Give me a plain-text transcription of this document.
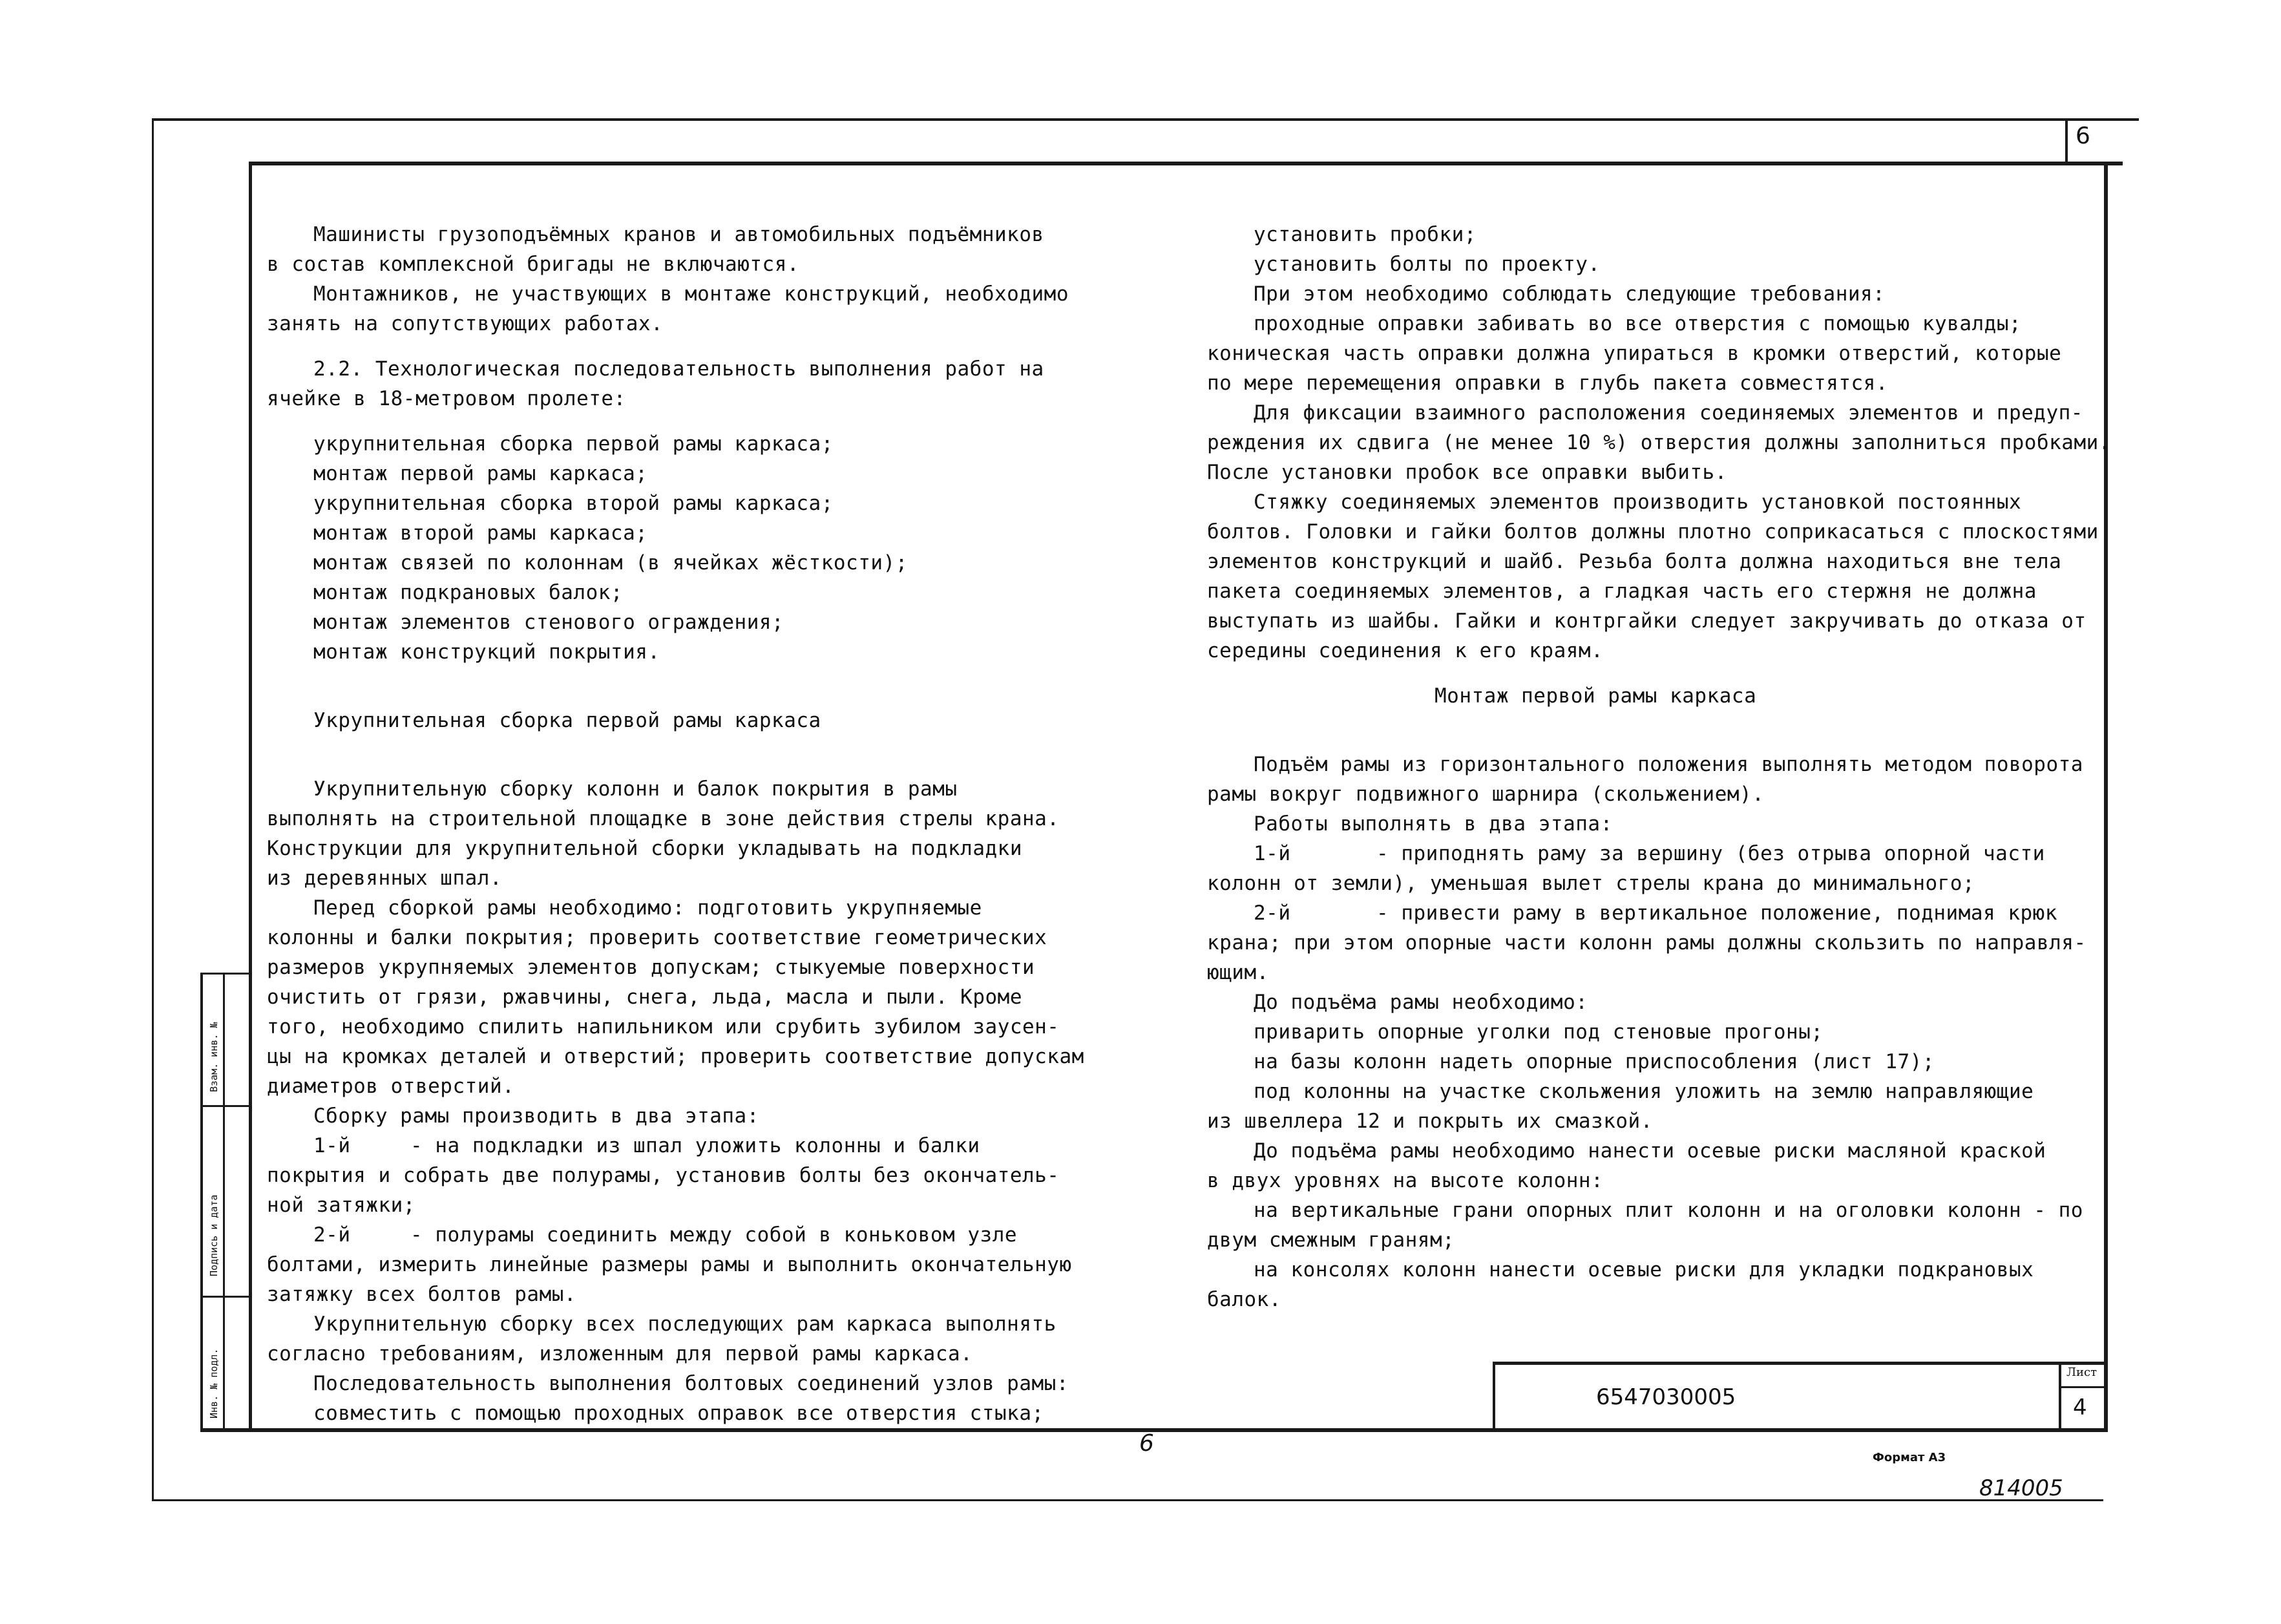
6
Взам. инв. №
Подпись и дата
Инв. № подл.

Машинисты грузоподъёмных кранов и автомобильных подъёмников

в состав комплексной бригады не включаются.

Монтажников, не участвующих в монтаже конструкций, необходимо

занять на сопутствующих работах.

2.2. Технологическая последовательность выполнения работ на

ячейке в 18-метровом пролете:

укрупнительная сборка первой рамы каркаса;

монтаж первой рамы каркаса;

укрупнительная сборка второй рамы каркаса;

монтаж второй рамы каркаса;

монтаж связей по колоннам (в ячейках жёсткости);

монтаж подкрановых балок;

монтаж элементов стенового ограждения;

монтаж конструкций покрытия.

Укрупнительная сборка первой рамы каркаса

Укрупнительную сборку колонн и балок покрытия в рамы

выполнять на строительной площадке в зоне действия стрелы крана.

Конструкции для укрупнительной сборки укладывать на подкладки

из деревянных шпал.

Перед сборкой рамы необходимо: подготовить укрупняемые

колонны и балки покрытия; проверить соответствие геометрических

размеров укрупняемых элементов допускам; стыкуемые поверхности

очистить от грязи, ржавчины, снега, льда, масла и пыли. Кроме

того, необходимо спилить напильником или срубить зубилом заусен-

цы на кромках деталей и отверстий; проверить соответствие допускам

диаметров отверстий.

Сборку рамы производить в два этапа:

1-й	- на подкладки из шпал уложить колонны и балки

покрытия и собрать две полурамы, установив болты без окончатель-

ной затяжки;

2-й	- полурамы соединить между собой в коньковом узле

болтами, измерить линейные размеры рамы и выполнить окончательную

затяжку всех болтов рамы.

Укрупнительную сборку всех последующих рам каркаса выполнять

согласно требованиям, изложенным для первой рамы каркаса.

Последовательность выполнения болтовых соединений узлов рамы:

совместить с помощью проходных оправок все отверстия стыка;

установить пробки;

установить болты по проекту.

При этом необходимо соблюдать следующие требования:

проходные оправки забивать во все отверстия с помощью кувалды;

коническая часть оправки должна упираться в кромки отверстий, которые

по мере перемещения оправки в глубь пакета совместятся.

Для фиксации взаимного расположения соединяемых элементов и предуп-

реждения их сдвига (не менее 10 %) отверстия должны заполниться пробками.

После установки пробок все оправки выбить.

Стяжку соединяемых элементов производить установкой постоянных

болтов. Головки и гайки болтов должны плотно соприкасаться с плоскостями

элементов конструкций и шайб. Резьба болта должна находиться вне тела

пакета соединяемых элементов, а гладкая часть его стержня не должна

выступать из шайбы. Гайки и контргайки следует закручивать до отказа от

середины соединения к его краям.

Монтаж первой рамы каркаса

Подъём рамы из горизонтального положения выполнять методом поворота

рамы вокруг подвижного шарнира (скольжением).

Работы выполнять в два этапа:

1-й	- приподнять раму за вершину (без отрыва опорной части

колонн от земли), уменьшая вылет стрелы крана до минимального;

2-й	- привести раму в вертикальное положение, поднимая крюк

крана; при этом опорные части колонн рамы должны скользить по направля-

ющим.

До подъёма рамы необходимо:

приварить опорные уголки под стеновые прогоны;

на базы колонн надеть опорные приспособления (лист 17);

под колонны на участке скольжения уложить на землю направляющие

из швеллера 12 и покрыть их смазкой.

До подъёма рамы необходимо нанести осевые риски масляной краской

в двух уровнях на высоте колонн:

на вертикальные грани опорных плит колонн и на оголовки колонн - по

двум смежным граням;

на консолях колонн нанести осевые риски для укладки подкрановых

балок.

6547030005
Лист
4
6
Формат А3
814005
